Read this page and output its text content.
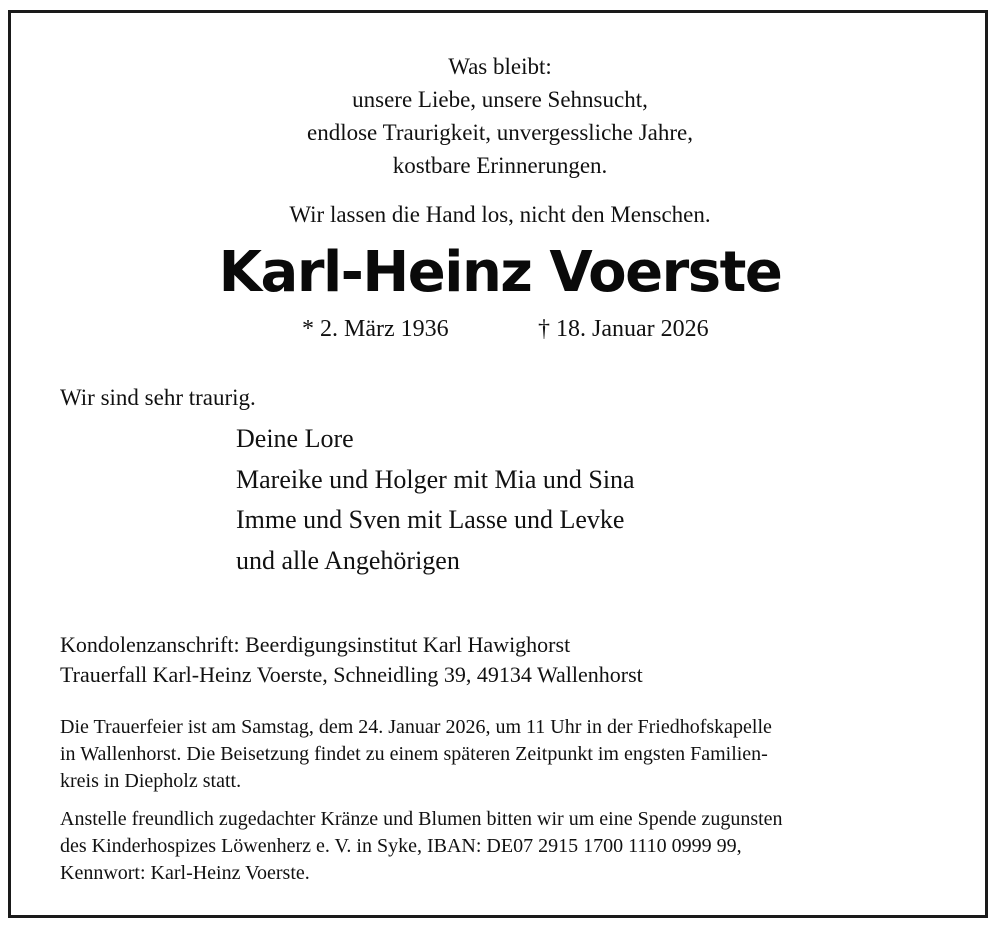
Was bleibt:
unsere Liebe, unsere Sehnsucht,
endlose Traurigkeit, unvergessliche Jahre,
kostbare Erinnerungen.
Wir lassen die Hand los, nicht den Menschen.
Karl-Heinz Voerste
* 2. März 1936	† 18. Januar 2026
Wir sind sehr traurig.
Deine Lore
Mareike und Holger mit Mia und Sina
Imme und Sven mit Lasse und Levke
und alle Angehörigen
Kondolenzanschrift: Beerdigungsinstitut Karl Hawighorst
Trauerfall Karl-Heinz Voerste, Schneidling 39, 49134 Wallenhorst
Die Trauerfeier ist am Samstag, dem 24. Januar 2026, um 11 Uhr in der Friedhofskapelle
in Wallenhorst. Die Beisetzung findet zu einem späteren Zeitpunkt im engsten Familien-
kreis in Diepholz statt.
Anstelle freundlich zugedachter Kränze und Blumen bitten wir um eine Spende zugunsten
des Kinderhospizes Löwenherz e. V. in Syke, IBAN: DE07 2915 1700 1110 0999 99,
Kennwort: Karl-Heinz Voerste.
